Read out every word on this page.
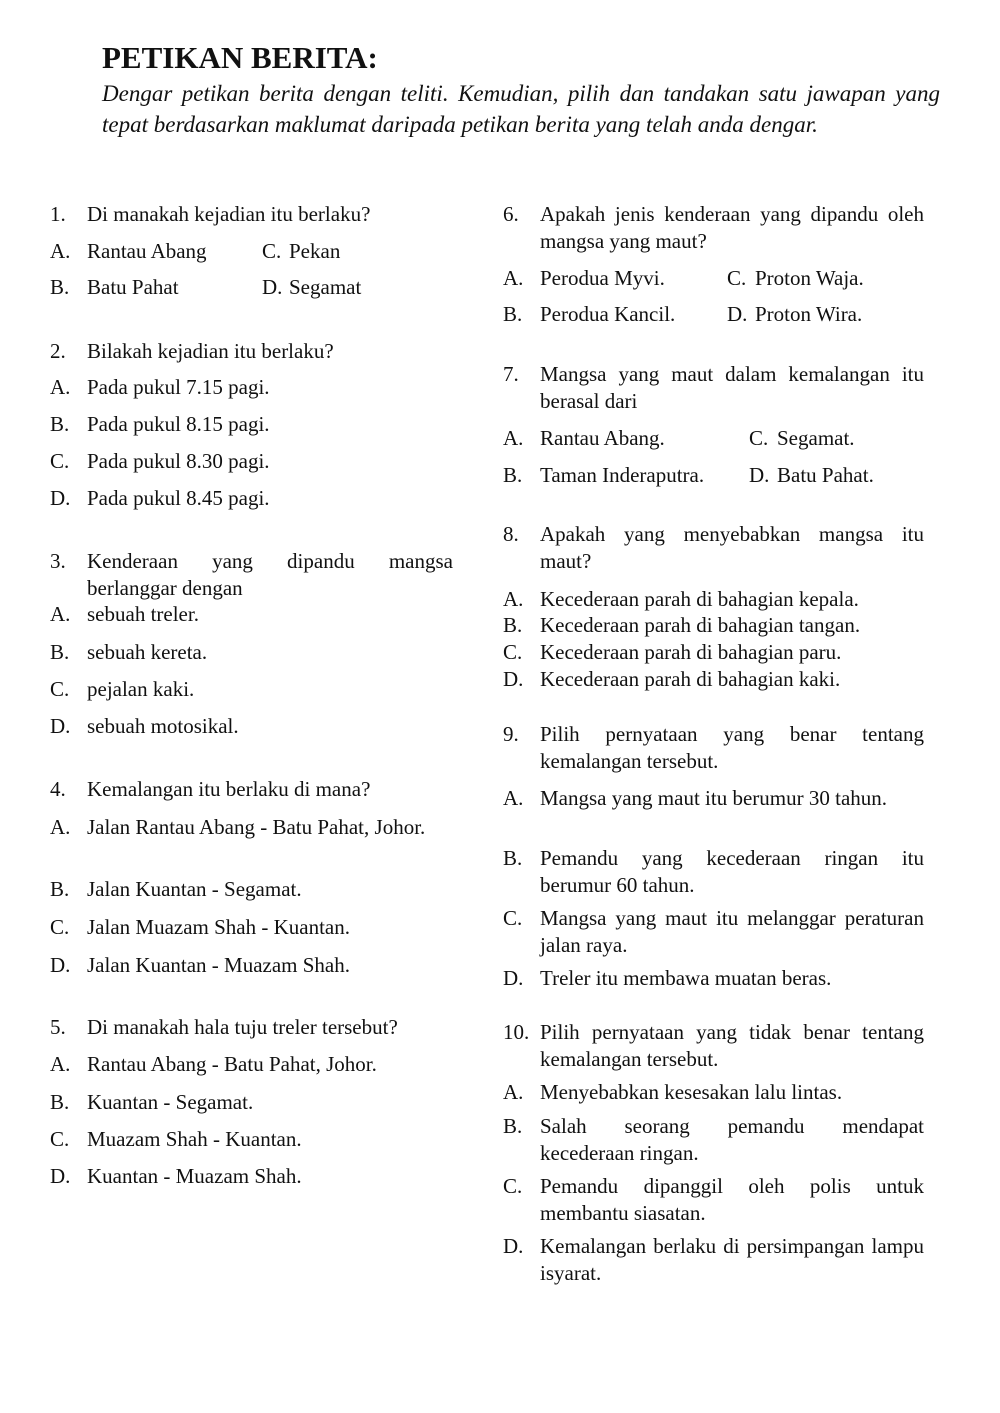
PETIKAN BERITA:

Dengar petikan berita dengan teliti. Kemudian, pilih dan tandakan satu jawapan yang tepat berdasarkan maklumat daripada petikan berita yang telah anda dengar.

1. Di manakah kejadian itu berlaku?
A. Rantau Abang	C. Pekan
B. Batu Pahat	D. Segamat
2. Bilakah kejadian itu berlaku?
A. Pada pukul 7.15 pagi.
B. Pada pukul 8.15 pagi.
C. Pada pukul 8.30 pagi.
D. Pada pukul 8.45 pagi.
3. Kenderaan yang dipandu mangsa berlanggar dengan
A. sebuah treler.
B. sebuah kereta.
C. pejalan kaki.
D. sebuah motosikal.
4. Kemalangan itu berlaku di mana?
A. Jalan Rantau Abang - Batu Pahat, Johor.
B. Jalan Kuantan - Segamat.
C. Jalan Muazam Shah - Kuantan.
D. Jalan Kuantan - Muazam Shah.
5. Di manakah hala tuju treler tersebut?
A. Rantau Abang - Batu Pahat, Johor.
B. Kuantan - Segamat.
C. Muazam Shah - Kuantan.
D. Kuantan - Muazam Shah.
6. Apakah jenis kenderaan yang dipandu oleh mangsa yang maut?
A. Perodua Myvi.	C. Proton Waja.
B. Perodua Kancil. D. Proton Wira.
7. Mangsa yang maut dalam kemalangan itu berasal dari
A. Rantau Abang.	C. Segamat.
B. Taman Inderaputra. D. Batu Pahat.
8. Apakah yang menyebabkan mangsa itu maut?
A. Kecederaan parah di bahagian kepala.
B. Kecederaan parah di bahagian tangan.
C. Kecederaan parah di bahagian paru.
D. Kecederaan parah di bahagian kaki.
9. Pilih pernyataan yang benar tentang kemalangan tersebut.
A. Mangsa yang maut itu berumur 30 tahun.
B. Pemandu yang kecederaan ringan itu berumur 60 tahun.
C. Mangsa yang maut itu melanggar peraturan jalan raya.
D. Treler itu membawa muatan beras.
10. Pilih pernyataan yang tidak benar tentang kemalangan tersebut.
A. Menyebabkan kesesakan lalu lintas.
B. Salah seorang pemandu mendapat kecederaan ringan.
C. Pemandu dipanggil oleh polis untuk membantu siasatan.
D. Kemalangan berlaku di persimpangan lampu isyarat.
